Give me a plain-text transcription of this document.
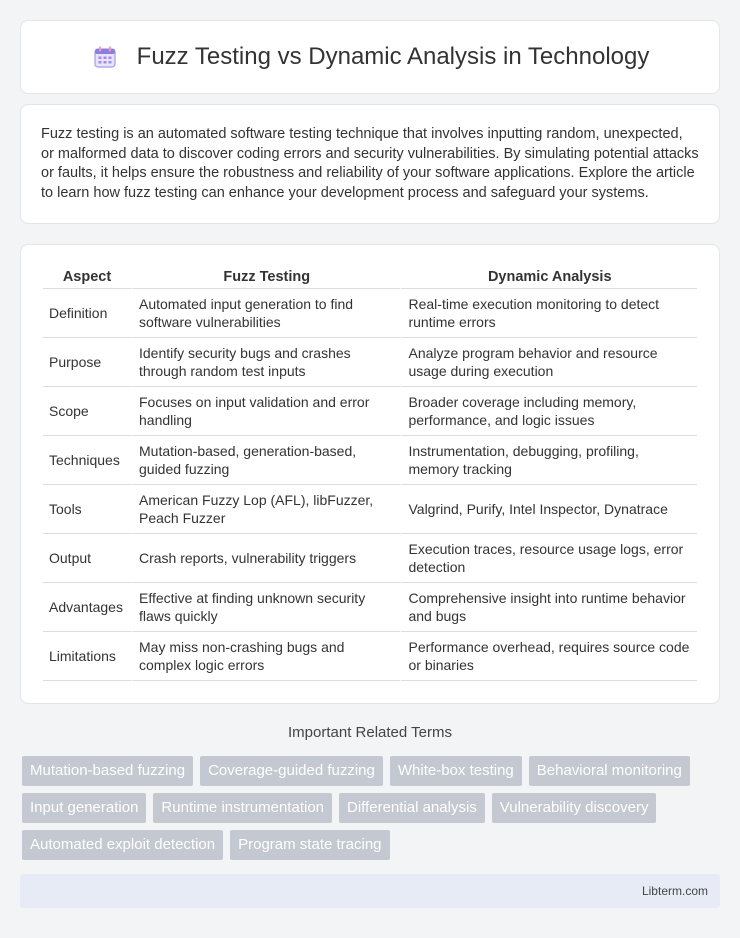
Fuzz Testing vs Dynamic Analysis in Technology

Fuzz testing is an automated software testing technique that involves inputting random, unexpected, or malformed data to discover coding errors and security vulnerabilities. By simulating potential attacks or faults, it helps ensure the robustness and reliability of your software applications. Explore the article to learn how fuzz testing can enhance your development process and safeguard your systems.

Aspect	Fuzz Testing	Dynamic Analysis
Definition	Automated input generation to find software vulnerabilities	Real-time execution monitoring to detect runtime errors
Purpose	Identify security bugs and crashes through random test inputs	Analyze program behavior and resource usage during execution
Scope	Focuses on input validation and error handling	Broader coverage including memory, performance, and logic issues
Techniques	Mutation-based, generation-based, guided fuzzing	Instrumentation, debugging, profiling, memory tracking
Tools	American Fuzzy Lop (AFL), libFuzzer, Peach Fuzzer	Valgrind, Purify, Intel Inspector, Dynatrace
Output	Crash reports, vulnerability triggers	Execution traces, resource usage logs, error detection
Advantages	Effective at finding unknown security flaws quickly	Comprehensive insight into runtime behavior and bugs
Limitations	May miss non-crashing bugs and complex logic errors	Performance overhead, requires source code or binaries
Important Related Terms
Mutation-based fuzzing	Coverage-guided fuzzing	White-box testing	Behavioral monitoring
Input generation	Runtime instrumentation	Differential analysis	Vulnerability discovery
Automated exploit detection	Program state tracing
Libterm.com
